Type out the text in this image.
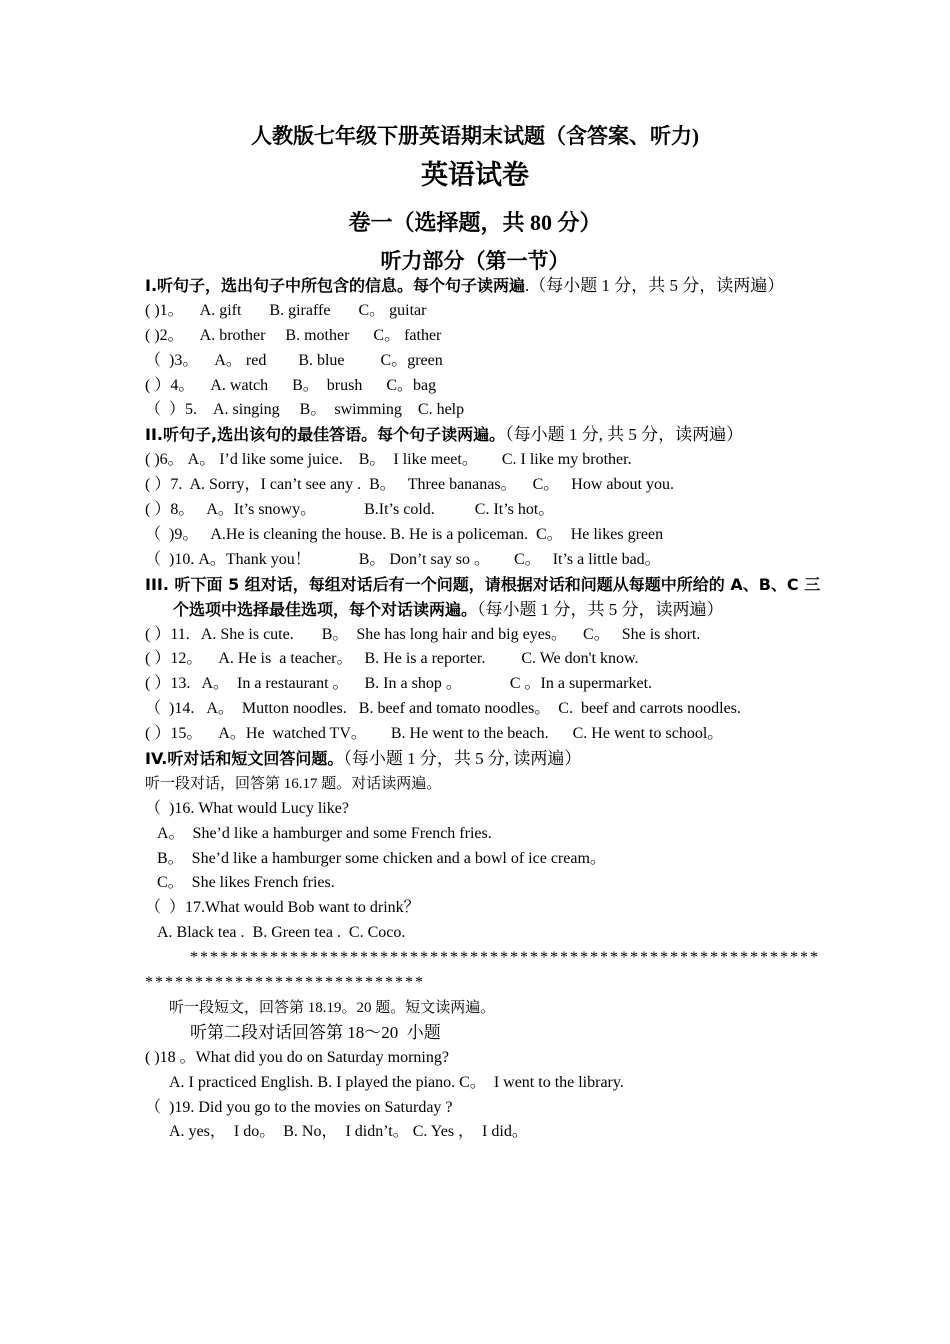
人教版七年级下册英语期末试题（含答案、听力)
英语试卷
卷一（选择题，共 80 分）
听力部分（第一节）
I.听句子，选出句子中所包含的信息。每个句子读两遍.（每小题 1 分，共 5 分，读两遍）
( )1。    A. gift       B. giraffe       C。 guitar
( )2。    A. brother     B. mother      C。 father
（  )3。    A。 red        B. blue         C。green
( ）4。    A. watch      B。  brush      C。bag
（  ）5.    A. singing     B。  swimming    C. help
II.听句子,选出该句的最佳答语。每个句子读两遍。（每小题 1 分, 共 5 分，读两遍）
( )6。 A。 I’d like some juice.    B。  I like meet。      C. I like my brother.
( ）7.  A. Sorry，I can’t see any .  B。   Three bananas。    C。   How about you.
( ）8。   A。It’s snowy。            B.It’s cold.          C. It’s hot。
（  )9。   A.He is cleaning the house. B. He is a policeman.  C。  He likes green
（  )10. A。Thank you！            B。 Don’t say so 。      C。   It’s a little bad。
III. 听下面 5 组对话，每组对话后有一个问题，请根据对话和问题从每题中所给的 A、B、C 三个选项中选择最佳选项，每个对话读两遍。（每小题 1 分，共 5 分，读两遍）
( ）11.   A. She is cute.       B。  She has long hair and big eyes。    C。   She is short.
( ）12。    A. He is  a teacher。   B. He is a reporter.         C. We don't know.
( ）13.   A。  In a restaurant 。    B. In a shop 。            C 。In a supermarket.
（  )14.   A。  Mutton noodles.   B. beef and tomato noodles。  C.  beef and carrots noodles.
( ）15。    A。He  watched TV。      B. He went to the beach.      C. He went to school。
IV.听对话和短文回答问题。（每小题 1 分，共 5 分, 读两遍）
听一段对话，回答第 16.17 题。对话读两遍。
（  )16. What would Lucy like?
A。  She’d like a hamburger and some French fries.
B。  She’d like a hamburger some chicken and a bowl of ice cream。
C。  She likes French fries.
（  ）17.What would Bob want to drink？
A. Black tea .  B. Green tea .  C. Coco.
*******************************************************************************************
听一段短文，回答第 18.19。20 题。短文读两遍。
听第二段对话回答第 18～20  小题
( )18 。What did you do on Saturday morning?
A. I practiced English. B. I played the piano. C。  I went to the library.
（  )19. Did you go to the movies on Saturday ?
A. yes，  I do。  B. No，  I didn’t。 C. Yes ，  I did。
